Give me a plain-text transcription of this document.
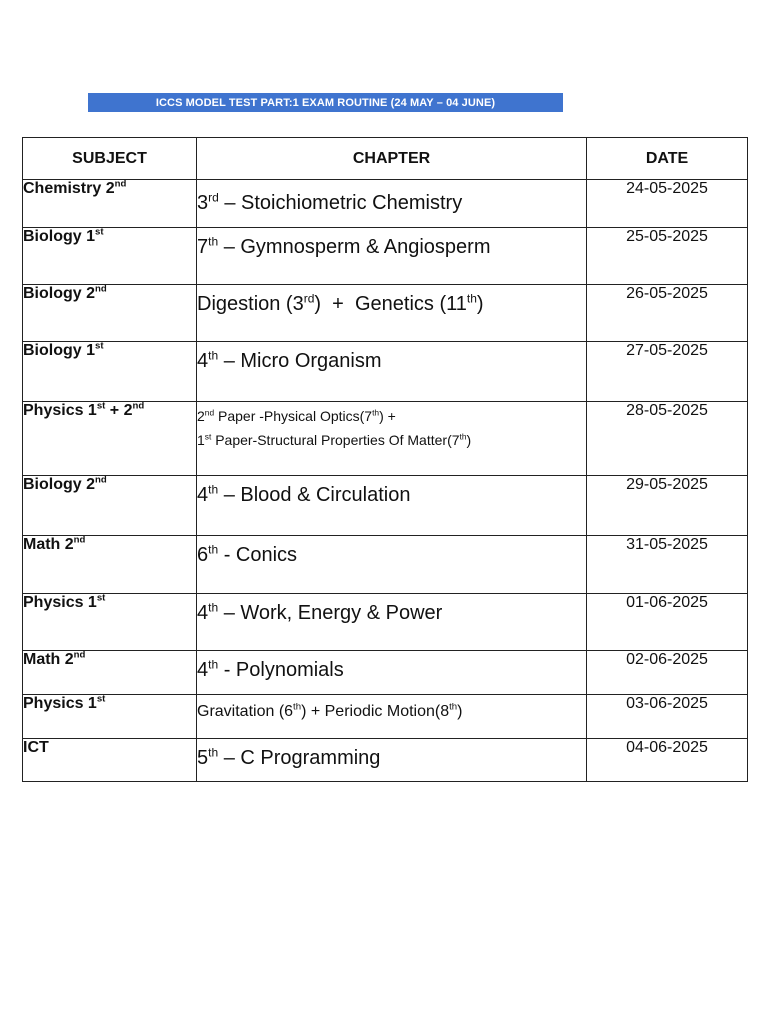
ICCS MODEL TEST PART:1 EXAM ROUTINE (24 MAY – 04 JUNE)
SUBJECT	CHAPTER	DATE
Chemistry 2nd	3rd – Stoichiometric Chemistry	24-05-2025
Biology 1st	7th – Gymnosperm & Angiosperm	25-05-2025
Biology 2nd	Digestion (3rd)  +  Genetics (11th)	26-05-2025
Biology 1st	4th – Micro Organism	27-05-2025
Physics 1st + 2nd	2nd Paper -Physical Optics(7th) +
1st Paper-Structural Properties Of Matter(7th)	28-05-2025
Biology 2nd	4th – Blood & Circulation	29-05-2025
Math 2nd	6th - Conics	31-05-2025
Physics 1st	4th – Work, Energy & Power	01-06-2025
Math 2nd	4th - Polynomials	02-06-2025
Physics 1st	Gravitation (6th) + Periodic Motion(8th)	03-06-2025
ICT	5th – C Programming	04-06-2025
